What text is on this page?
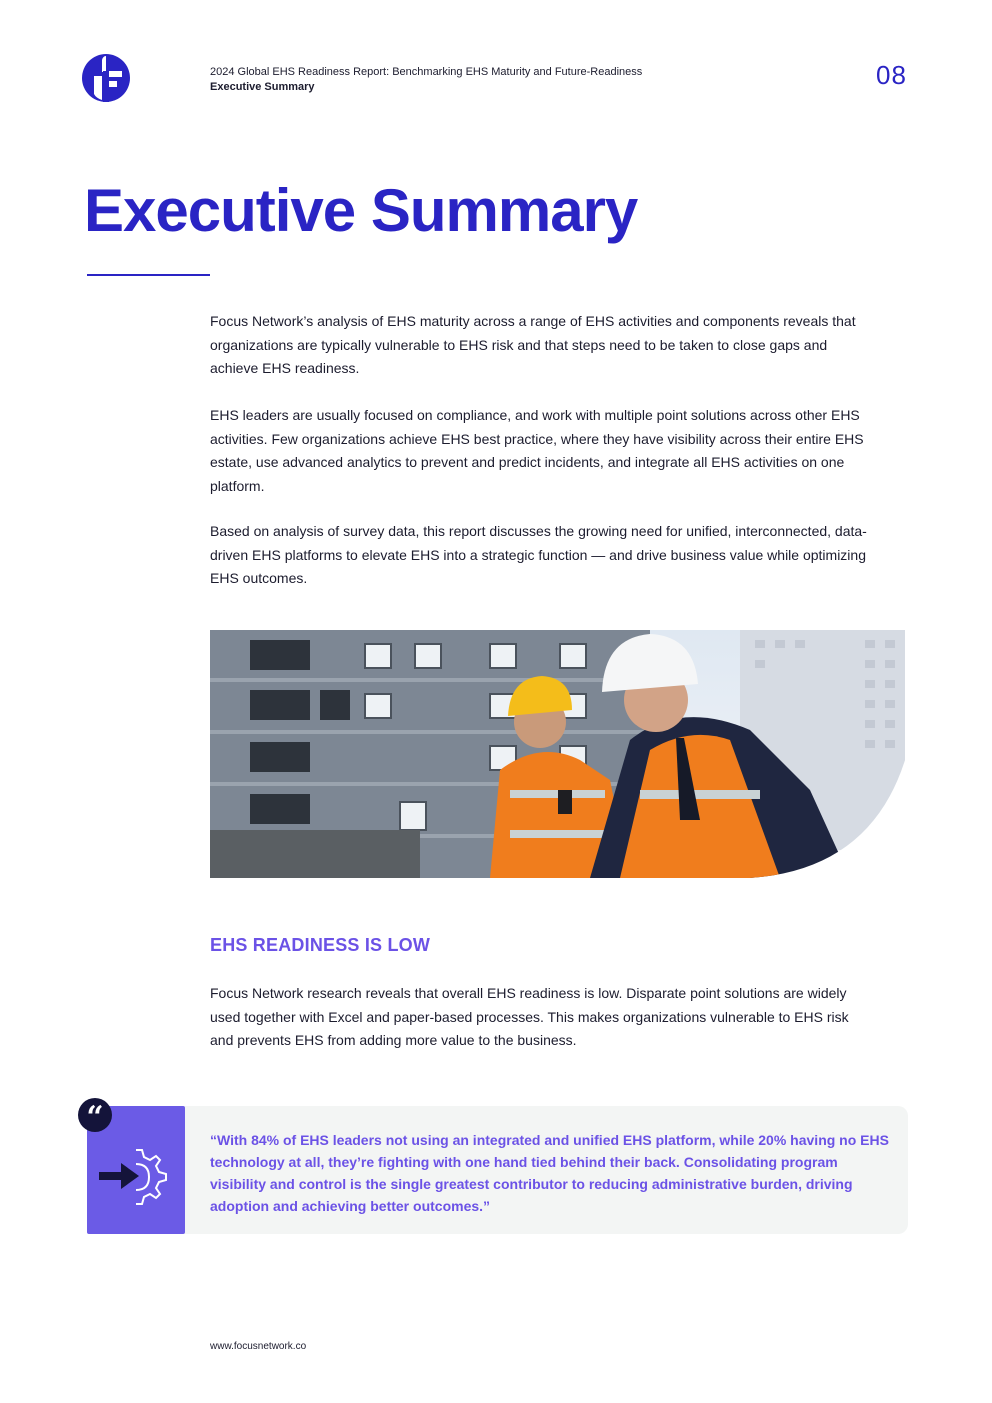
2024 Global EHS Readiness Report: Benchmarking EHS Maturity and Future-Readiness
Executive Summary	08
Executive Summary

Focus Network’s analysis of EHS maturity across a range of EHS activities and components reveals that organizations are typically vulnerable to EHS risk and that steps need to be taken to close gaps and achieve EHS readiness.

EHS leaders are usually focused on compliance, and work with multiple point solutions across other EHS activities. Few organizations achieve EHS best practice, where they have visibility across their entire EHS estate, use advanced analytics to prevent and predict incidents, and integrate all EHS activities on one platform.

Based on analysis of survey data, this report discusses the growing need for unified, interconnected, data-driven EHS platforms to elevate EHS into a strategic function — and drive business value while optimizing EHS outcomes.

EHS READINESS IS LOW

Focus Network research reveals that overall EHS readiness is low. Disparate point solutions are widely used together with Excel and paper-based processes. This makes organizations vulnerable to EHS risk and prevents EHS from adding more value to the business.

“

“With 84% of EHS leaders not using an integrated and unified EHS platform, while 20% having no EHS technology at all, they’re fighting with one hand tied behind their back. Consolidating program visibility and control is the single greatest contributor to reducing administrative burden, driving adoption and achieving better outcomes.”

www.focusnetwork.co
